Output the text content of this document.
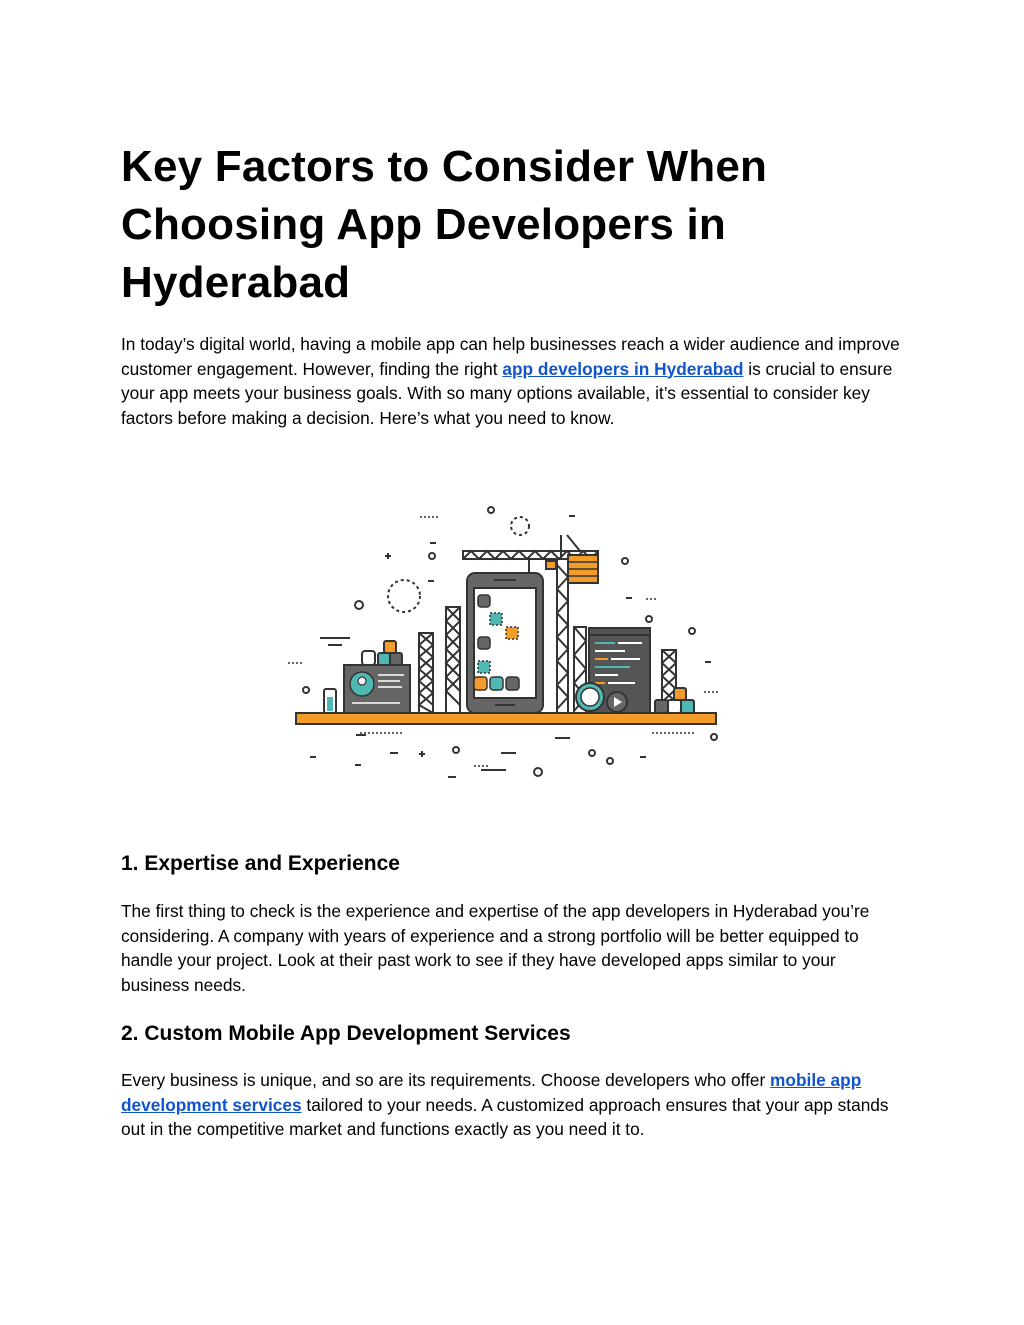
Key Factors to Consider When Choosing App Developers in Hyderabad

In today’s digital world, having a mobile app can help businesses reach a wider audience and improve customer engagement. However, finding the right app developers in Hyderabad is crucial to ensure your app meets your business goals. With so many options available, it’s essential to consider key factors before making a decision. Here’s what you need to know.

1. Expertise and Experience

The first thing to check is the experience and expertise of the app developers in Hyderabad you’re considering. A company with years of experience and a strong portfolio will be better equipped to handle your project. Look at their past work to see if they have developed apps similar to your business needs.

2. Custom Mobile App Development Services

Every business is unique, and so are its requirements. Choose developers who offer mobile app development services tailored to your needs. A customized approach ensures that your app stands out in the competitive market and functions exactly as you need it to.
